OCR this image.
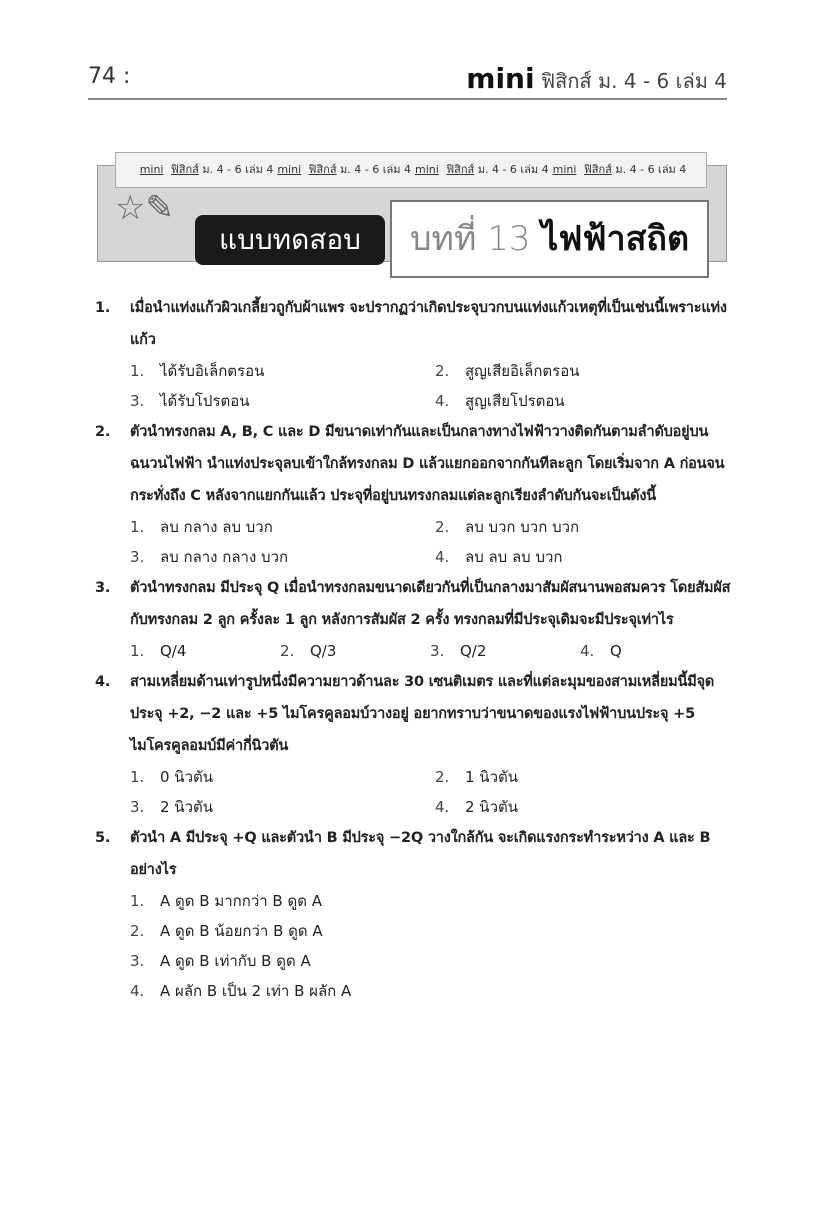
74 :	mini ฟิสิกส์ ม. 4 - 6 เล่ม 4
mini ฟิสิกส์ ม. 4 - 6 เล่ม 4 mini ฟิสิกส์ ม. 4 - 6 เล่ม 4 mini ฟิสิกส์ ม. 4 - 6 เล่ม 4 mini ฟิสิกส์ ม. 4 - 6 เล่ม 4
☆✎
แบบทดสอบ	บทที่ 13 ไฟฟ้าสถิต
1. เมื่อนำแท่งแก้วผิวเกลี้ยวถูกับผ้าแพร จะปรากฏว่าเกิดประจุบวกบนแท่งแก้วเหตุที่เป็นเช่นนี้เพราะแท่งแก้ว
1. ได้รับอิเล็กตรอน	2. สูญเสียอิเล็กตรอน
3. ได้รับโปรตอน	4. สูญเสียโปรตอน
2. ตัวนำทรงกลม A, B, C และ D มีขนาดเท่ากันและเป็นกลางทางไฟฟ้าวางติดกันตามลำดับอยู่บนฉนวนไฟฟ้า นำแท่งประจุลบเข้าใกล้ทรงกลม D แล้วแยกออกจากกันทีละลูก โดยเริ่มจาก A ก่อนจนกระทั่งถึง C หลังจากแยกกันแล้ว ประจุที่อยู่บนทรงกลมแต่ละลูกเรียงลำดับกันจะเป็นดังนี้
1. ลบ กลาง ลบ บวก	2. ลบ บวก บวก บวก
3. ลบ กลาง กลาง บวก	4. ลบ ลบ ลบ บวก
3. ตัวนำทรงกลม มีประจุ Q เมื่อนำทรงกลมขนาดเดียวกันที่เป็นกลางมาสัมผัสนานพอสมควร โดยสัมผัสกับทรงกลม 2 ลูก ครั้งละ 1 ลูก หลังการสัมผัส 2 ครั้ง ทรงกลมที่มีประจุเดิมจะมีประจุเท่าไร
1. Q/4	2. Q/3	3. Q/2	4. Q
4. สามเหลี่ยมด้านเท่ารูปหนึ่งมีความยาวด้านละ 30 เซนติเมตร และที่แต่ละมุมของสามเหลี่ยมนี้มีจุดประจุ +2, −2 และ +5 ไมโครคูลอมบ์วางอยู่ อยากทราบว่าขนาดของแรงไฟฟ้าบนประจุ +5 ไมโครคูลอมบ์มีค่ากี่นิวตัน
1. 0 นิวตัน	2. 1 นิวตัน
3. 2 นิวตัน	4. 2 นิวตัน
5. ตัวนำ A มีประจุ +Q และตัวนำ B มีประจุ −2Q วางใกล้กัน จะเกิดแรงกระทำระหว่าง A และ B อย่างไร
1. A ดูด B มากกว่า B ดูด A
2. A ดูด B น้อยกว่า B ดูด A
3. A ดูด B เท่ากับ B ดูด A
4. A ผลัก B เป็น 2 เท่า B ผลัก A
